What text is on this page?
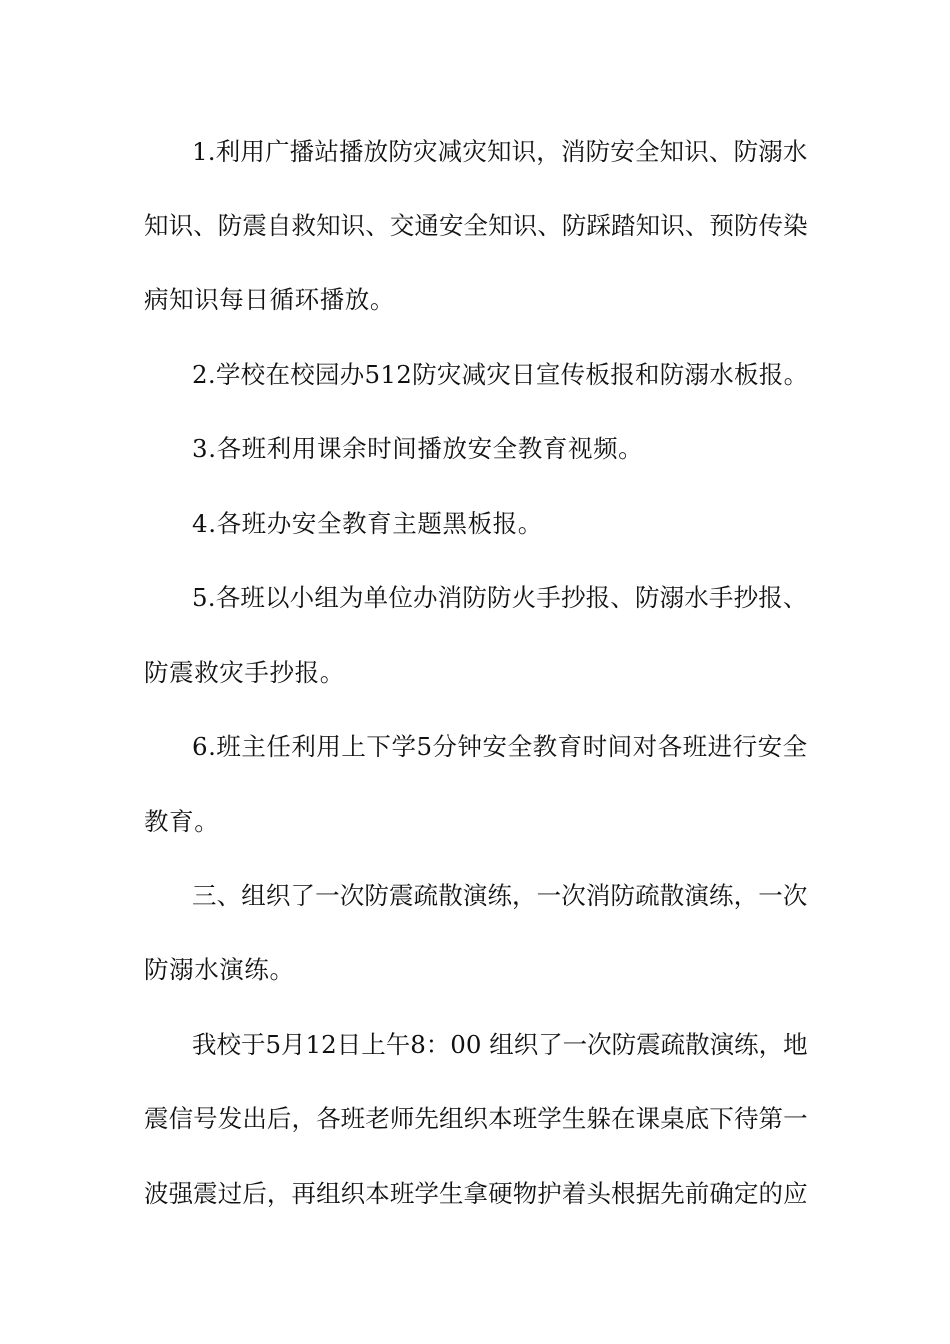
1.利用广播站播放防灾减灾知识，消防安全知识、防溺水
知识、防震自救知识、交通安全知识、防踩踏知识、预防传染
病知识每日循环播放。
2.学校在校园办512防灾减灾日宣传板报和防溺水板报。
3.各班利用课余时间播放安全教育视频。
4.各班办安全教育主题黑板报。
5.各班以小组为单位办消防防火手抄报、防溺水手抄报、
防震救灾手抄报。
6.班主任利用上下学5分钟安全教育时间对各班进行安全
教育。
三、组织了一次防震疏散演练，一次消防疏散演练，一次
防溺水演练。
我校于5月12日上午8：00 组织了一次防震疏散演练，地
震信号发出后，各班老师先组织本班学生躲在课桌底下待第一
波强震过后，再组织本班学生拿硬物护着头根据先前确定的应
